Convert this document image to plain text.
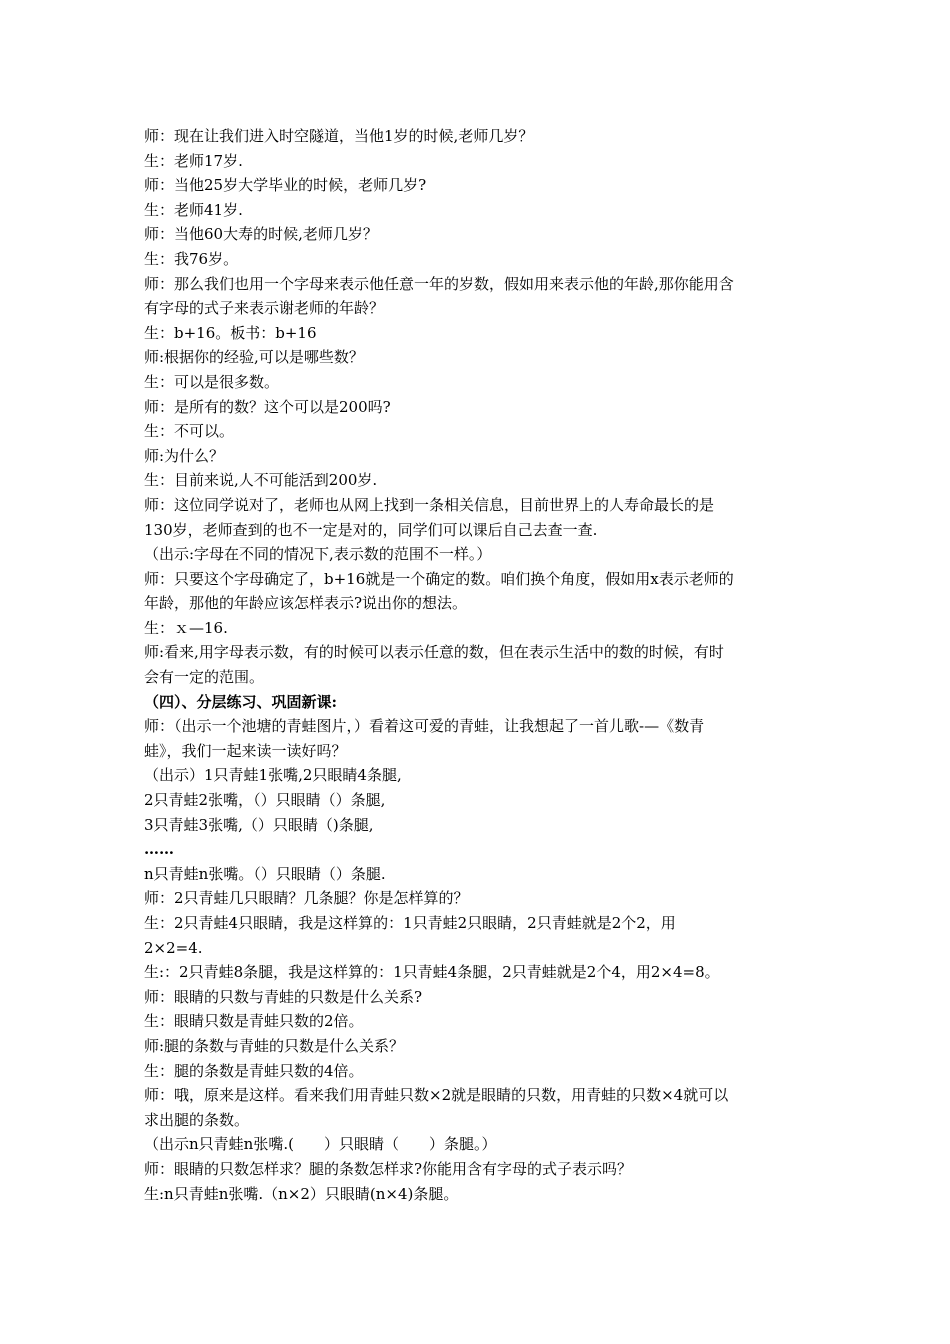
师：现在让我们进入时空隧道，当他1岁的时候,老师几岁？
生：老师17岁.
师：当他25岁大学毕业的时候，老师几岁?
生：老师41岁.
师：当他60大寿的时候,老师几岁？
生：我76岁。
师：那么我们也用一个字母来表示他任意一年的岁数，假如用来表示他的年龄,那你能用含
有字母的式子来表示谢老师的年龄？
生：b+16。板书：b+16
师:根据你的经验,可以是哪些数？
生：可以是很多数。
师：是所有的数？这个可以是200吗?
生：不可以。
师:为什么？
生：目前来说,人不可能活到200岁.
师：这位同学说对了，老师也从网上找到一条相关信息，目前世界上的人寿命最长的是
130岁，老师查到的也不一定是对的，同学们可以课后自己去查一查.
（出示:字母在不同的情况下,表示数的范围不一样。）
师：只要这个字母确定了，b+16就是一个确定的数。咱们换个角度，假如用x表示老师的
年龄，那他的年龄应该怎样表示?说出你的想法。
生：ｘ—16.
师:看来,用字母表示数，有的时候可以表示任意的数，但在表示生活中的数的时候，有时
会有一定的范围。
（四）、分层练习、巩固新课:
师：（出示一个池塘的青蛙图片，）看着这可爱的青蛙，让我想起了一首儿歌-—《数青
蛙》，我们一起来读一读好吗？
（出示）1只青蛙1张嘴,2只眼睛4条腿,
2只青蛙2张嘴，（）只眼睛（）条腿,
3只青蛙3张嘴,（）只眼睛（)条腿,
……
n只青蛙n张嘴。（）只眼睛（）条腿.
师：2只青蛙几只眼睛？几条腿？你是怎样算的？
生：2只青蛙4只眼睛，我是这样算的：1只青蛙2只眼睛，2只青蛙就是2个2，用
2×2=4.
生:：2只青蛙8条腿，我是这样算的：1只青蛙4条腿，2只青蛙就是2个4，用2×4=8。
师：眼睛的只数与青蛙的只数是什么关系?
生：眼睛只数是青蛙只数的2倍。
师:腿的条数与青蛙的只数是什么关系？
生：腿的条数是青蛙只数的4倍。
师：哦，原来是这样。看来我们用青蛙只数×2就是眼睛的只数，用青蛙的只数×4就可以
求出腿的条数。
（出示n只青蛙n张嘴.(　　）只眼睛（　　）条腿。）
师：眼睛的只数怎样求？腿的条数怎样求?你能用含有字母的式子表示吗？
生:n只青蛙n张嘴.（n×2）只眼睛(n×4)条腿。
